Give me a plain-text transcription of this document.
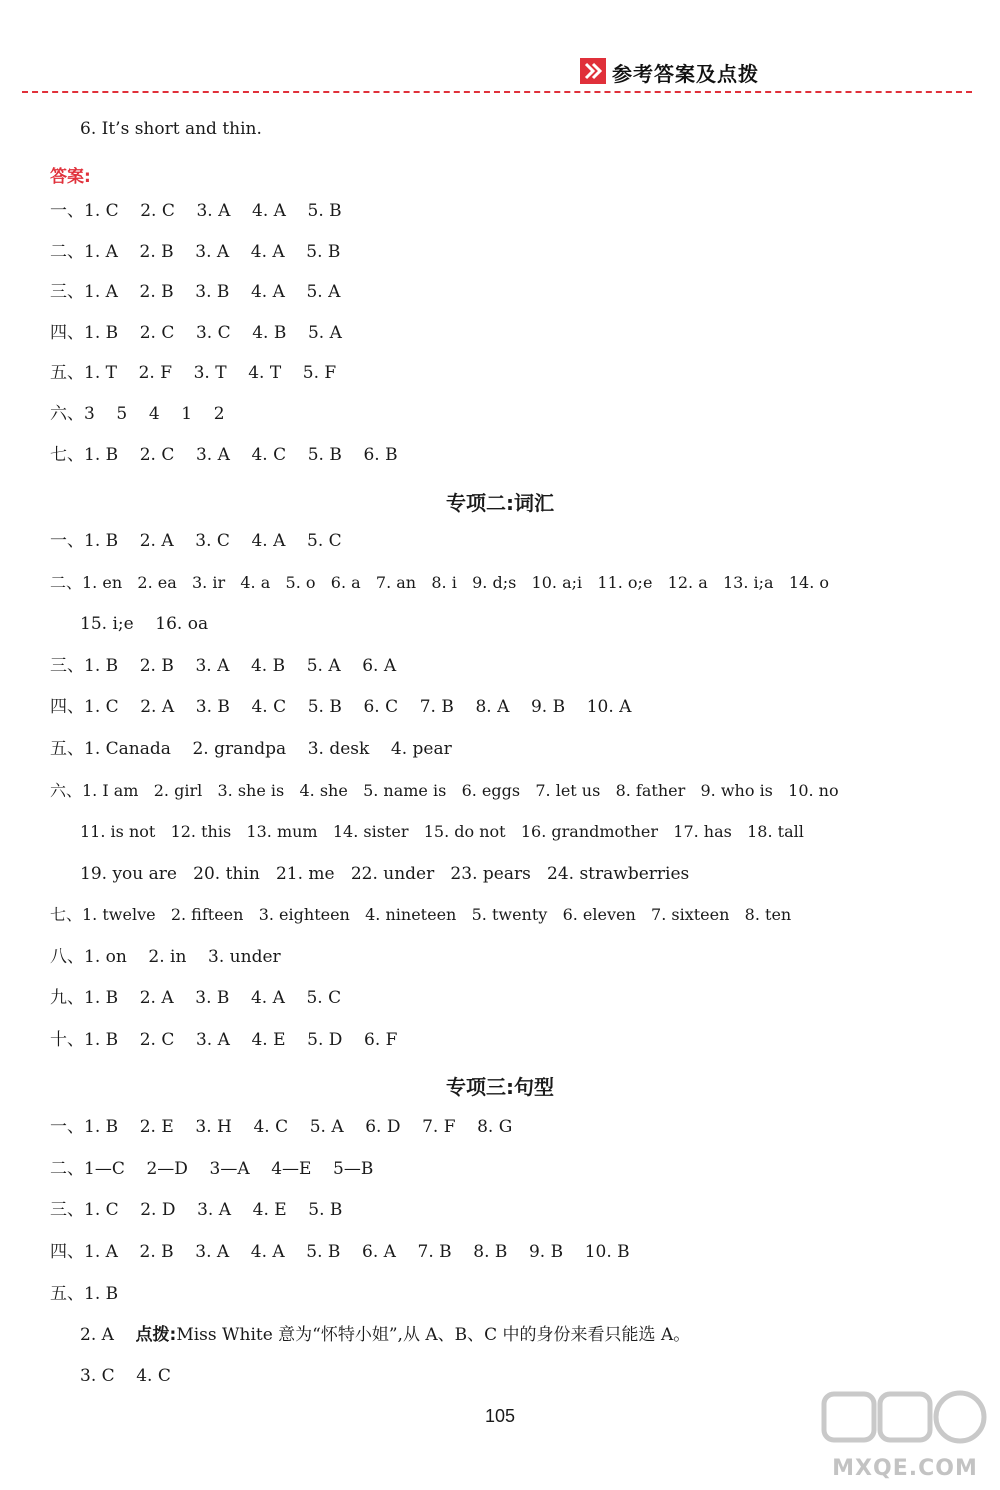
参考答案及点拨
6. It’s short and thin.
答案:
一、1. C    2. C    3. A    4. A    5. B
二、1. A    2. B    3. A    4. A    5. B
三、1. A    2. B    3. B    4. A    5. A
四、1. B    2. C    3. C    4. B    5. A
五、1. T    2. F    3. T    4. T    5. F
六、3    5    4    1    2
七、1. B    2. C    3. A    4. C    5. B    6. B
专项二:词汇
一、1. B    2. A    3. C    4. A    5. C
二、1. en   2. ea   3. ir   4. a   5. o   6. a   7. an   8. i   9. d;s   10. a;i   11. o;e   12. a   13. i;a   14. o
15. i;e    16. oa
三、1. B    2. B    3. A    4. B    5. A    6. A
四、1. C    2. A    3. B    4. C    5. B    6. C    7. B    8. A    9. B    10. A
五、1. Canada    2. grandpa    3. desk    4. pear
六、1. I am   2. girl   3. she is   4. she   5. name is   6. eggs   7. let us   8. father   9. who is   10. no
11. is not   12. this   13. mum   14. sister   15. do not   16. grandmother   17. has   18. tall
19. you are   20. thin   21. me   22. under   23. pears   24. strawberries
七、1. twelve   2. fifteen   3. eighteen   4. nineteen   5. twenty   6. eleven   7. sixteen   8. ten
八、1. on    2. in    3. under
九、1. B    2. A    3. B    4. A    5. C
十、1. B    2. C    3. A    4. E    5. D    6. F
专项三:句型
一、1. B    2. E    3. H    4. C    5. A    6. D    7. F    8. G
二、1—C    2—D    3—A    4—E    5—B
三、1. C    2. D    3. A    4. E    5. B
四、1. A    2. B    3. A    4. A    5. B    6. A    7. B    8. B    9. B    10. B
五、1. B
2. A    点拨:Miss White 意为“怀特小姐”,从 A、B、C 中的身份来看只能选 A。
3. C    4. C
105
MXQE.COM
